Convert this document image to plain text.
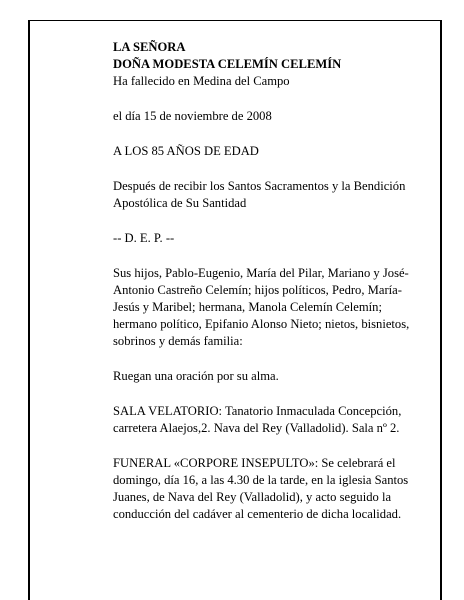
LA SEÑORA

DOÑA MODESTA CELEMÍN CELEMÍN

Ha fallecido en Medina del Campo

el día 15 de noviembre de 2008

A LOS 85 AÑOS DE EDAD

Después de recibir los Santos Sacramentos y la Bendición Apostólica de Su Santidad

-- D. E. P. --

Sus hijos, Pablo-Eugenio, María del Pilar, Mariano y José-Antonio Castreño Celemín; hijos políticos, Pedro, María-Jesús y Maribel; hermana, Manola Celemín Celemín; hermano político, Epifanio Alonso Nieto; nietos, bisnietos, sobrinos y demás familia:

Ruegan una oración por su alma.

SALA VELATORIO: Tanatorio Inmaculada Concepción, carretera Alaejos,2. Nava del Rey (Valladolid). Sala nº 2.

FUNERAL «CORPORE INSEPULTO»: Se celebrará el domingo, día 16, a las 4.30 de la tarde, en la iglesia Santos Juanes, de Nava del Rey (Valladolid), y acto seguido la conducción del cadáver al cementerio de dicha localidad.
